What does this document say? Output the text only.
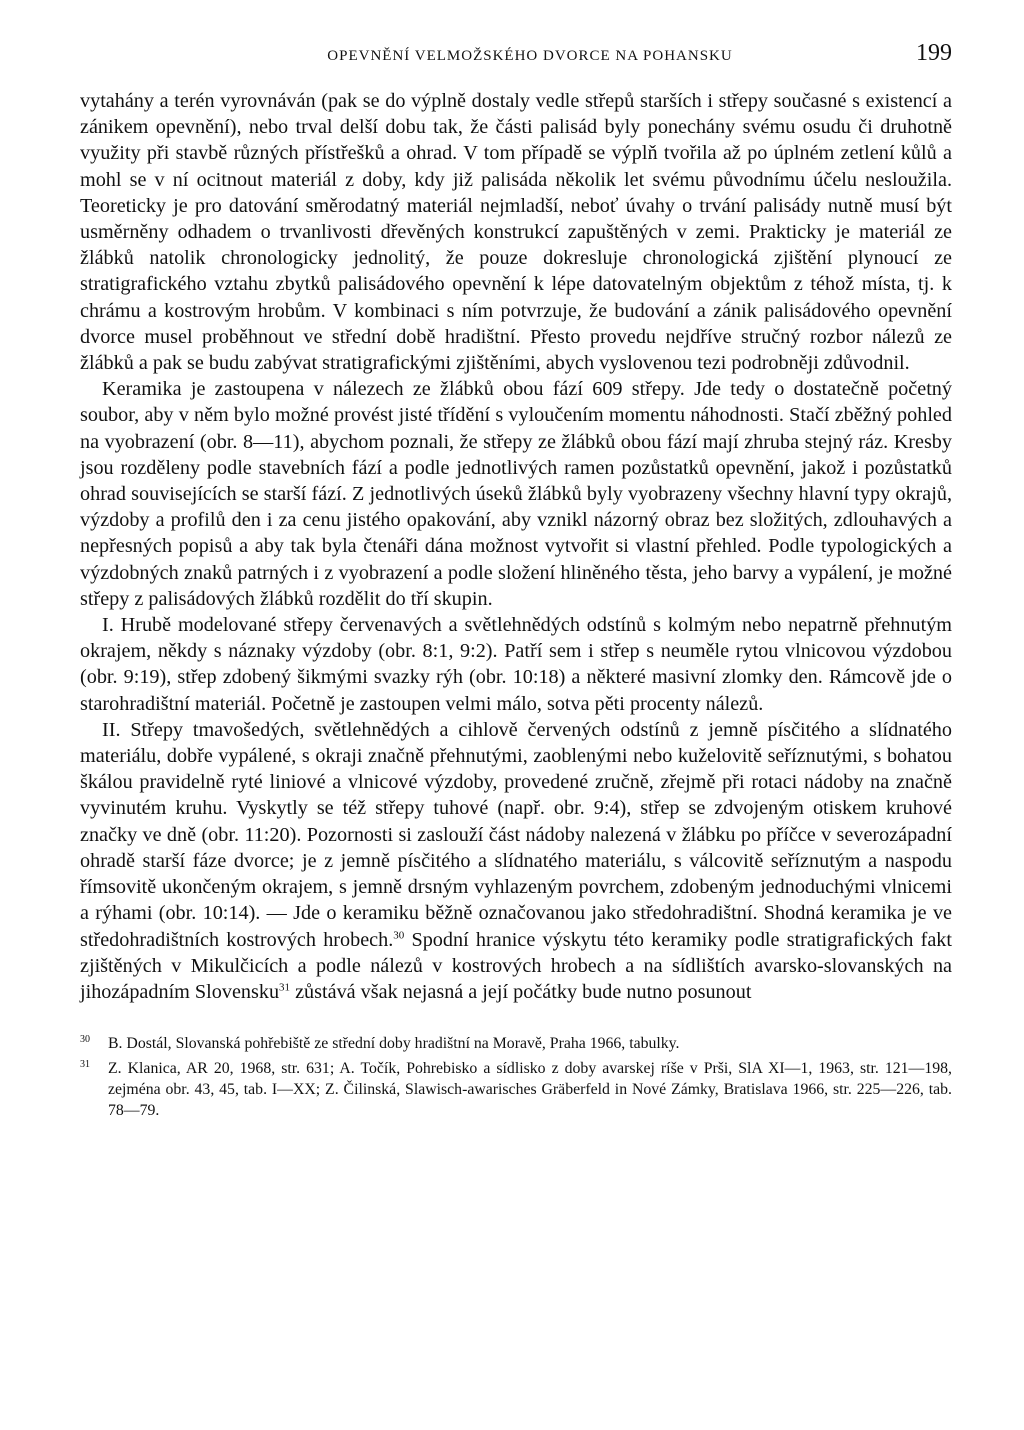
OPEVNĚNÍ VELMOŽSKÉHO DVORCE NA POHANSKU	199

vytahány a terén vyrovnáván (pak se do výplně dostaly vedle střepů starších i střepy současné s existencí a zánikem opevnění), nebo trval delší dobu tak, že části palisád byly ponechány svému osudu či druhotně využity při stavbě různých přístřešků a ohrad. V tom případě se výplň tvořila až po úplném zetlení kůlů a mohl se v ní ocitnout materiál z doby, kdy již palisáda několik let svému původnímu účelu nesloužila. Teoreticky je pro datování směrodatný materiál nejmladší, neboť úvahy o trvání palisády nutně musí být usměrněny odhadem o trvanlivosti dřevěných konstrukcí zapuštěných v zemi. Prakticky je materiál ze žlábků natolik chronologicky jednolitý, že pouze dokresluje chronologická zjištění plynoucí ze stratigrafického vztahu zbytků palisádového opevnění k lépe datovatelným objektům z téhož místa, tj. k chrámu a kostrovým hrobům. V kombinaci s ním potvrzuje, že budování a zánik palisádového opevnění dvorce musel proběhnout ve střední době hradištní. Přesto provedu nejdříve stručný rozbor nálezů ze žlábků a pak se budu zabývat stratigrafickými zjištěními, abych vyslovenou tezi podrobněji zdůvodnil.

Keramika je zastoupena v nálezech ze žlábků obou fází 609 střepy. Jde tedy o dostatečně početný soubor, aby v něm bylo možné provést jisté třídění s vyloučením momentu náhodnosti. Stačí zběžný pohled na vyobrazení (obr. 8—11), abychom poznali, že střepy ze žlábků obou fází mají zhruba stejný ráz. Kresby jsou rozděleny podle stavebních fází a podle jednotlivých ramen pozůstatků opevnění, jakož i pozůstatků ohrad souvisejících se starší fází. Z jednotlivých úseků žlábků byly vyobrazeny všechny hlavní typy okrajů, výzdoby a profilů den i za cenu jistého opakování, aby vznikl názorný obraz bez složitých, zdlouhavých a nepřesných popisů a aby tak byla čtenáři dána možnost vytvořit si vlastní přehled. Podle typologických a výzdobných znaků patrných i z vyobrazení a podle složení hliněného těsta, jeho barvy a vypálení, je možné střepy z palisádových žlábků rozdělit do tří skupin.

I. Hrubě modelované střepy červenavých a světlehnědých odstínů s kolmým nebo nepatrně přehnutým okrajem, někdy s náznaky výzdoby (obr. 8:1, 9:2). Patří sem i střep s neuměle rytou vlnicovou výzdobou (obr. 9:19), střep zdobený šikmými svazky rýh (obr. 10:18) a některé masivní zlomky den. Rámcově jde o starohradištní materiál. Početně je zastoupen velmi málo, sotva pěti procenty nálezů.

II. Střepy tmavošedých, světlehnědých a cihlově červených odstínů z jemně písčitého a slídnatého materiálu, dobře vypálené, s okraji značně přehnutými, zaoblenými nebo kuželovitě seříznutými, s bohatou škálou pravidelně ryté liniové a vlnicové výzdoby, provedené zručně, zřejmě při rotaci nádoby na značně vyvinutém kruhu. Vyskytly se též střepy tuhové (např. obr. 9:4), střep se zdvojeným otiskem kruhové značky ve dně (obr. 11:20). Pozornosti si zaslouží část nádoby nalezená v žlábku po příčce v severozápadní ohradě starší fáze dvorce; je z jemně písčitého a slídnatého materiálu, s válcovitě seříznutým a naspodu římsovitě ukončeným okrajem, s jemně drsným vyhlazeným povrchem, zdobeným jednoduchými vlnicemi a rýhami (obr. 10:14). — Jde o keramiku běžně označovanou jako středohradištní. Shodná keramika je ve středohradištních kostrových hrobech.$^{30}$ Spodní hranice výskytu této keramiky podle stratigrafických fakt zjištěných v Mikulčicích a podle nálezů v kostrových hrobech a na sídlištích avarsko-slovanských na jihozápadním Slovensku$^{31}$ zůstává však nejasná a její počátky bude nutno posunout

30 B. Dostál, Slovanská pohřebiště ze střední doby hradištní na Moravě, Praha 1966, tabulky.

31 Z. Klanica, AR 20, 1968, str. 631; A. Točík, Pohrebisko a sídlisko z doby avarskej ríše v Prši, SlA XI—1, 1963, str. 121—198, zejména obr. 43, 45, tab. I—XX; Z. Čilinská, Slawisch-awarisches Gräberfeld in Nové Zámky, Bratislava 1966, str. 225—226, tab. 78—79.
